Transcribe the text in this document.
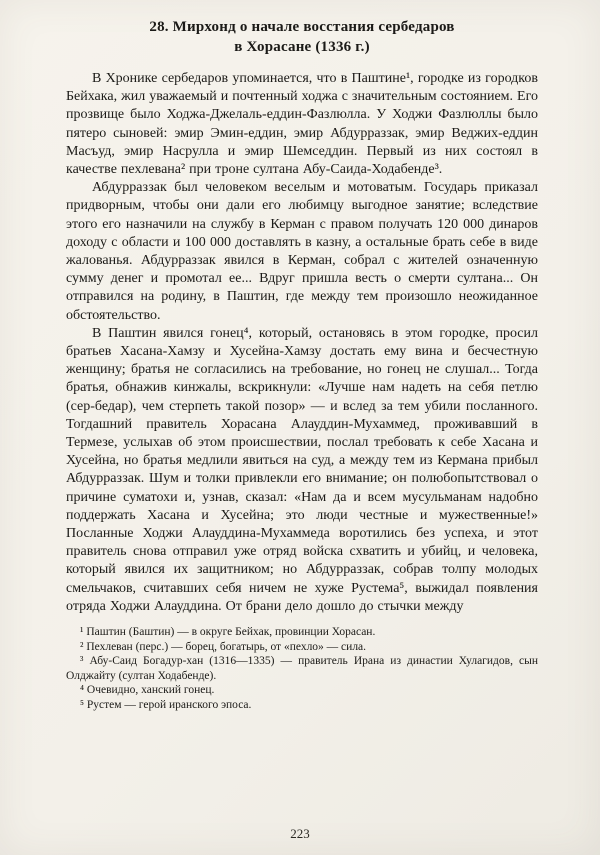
28. Мирхонд о начале восстания сербедаров
в Хорасане (1336 г.)

В Хронике сербедаров упоминается, что в Паштине¹, городке из городков Бейхака, жил уважаемый и почтенный ходжа с значительным состоянием. Его прозвище было Ходжа-Джелаль-еддин-Фазлюлла. У Ходжи Фазлюллы было пятеро сыновей: эмир Эмин-еддин, эмир Абдурраззак, эмир Веджих-еддин Масъуд, эмир Насрулла и эмир Шемседдин. Первый из них состоял в качестве пехлевана² при троне султана Абу-Саида-Ходабенде³.

Абдурраззак был человеком веселым и мотоватым. Государь приказал придворным, чтобы они дали его любимцу выгодное занятие; вследствие этого его назначили на службу в Керман с правом получать 120 000 динаров доходу с области и 100 000 доставлять в казну, а остальные брать себе в виде жалованья. Абдурраззак явился в Керман, собрал с жителей означенную сумму денег и промотал ее... Вдруг пришла весть о смерти султана... Он отправился на родину, в Паштин, где между тем произошло неожиданное обстоятельство.

В Паштин явился гонец⁴, который, остановясь в этом городке, просил братьев Хасана-Хамзу и Хусейна-Хамзу достать ему вина и бесчестную женщину; братья не согласились на требование, но гонец не слушал... Тогда братья, обнажив кинжалы, вскрикнули: «Лучше нам надеть на себя петлю (сер-бедар), чем стерпеть такой позор» — и вслед за тем убили посланного. Тогдашний правитель Хорасана Алауддин-Мухаммед, проживавший в Термезе, услыхав об этом происшествии, послал требовать к себе Хасана и Хусейна, но братья медлили явиться на суд, а между тем из Кермана прибыл Абдурраззак. Шум и толки привлекли его внимание; он полюбопытствовал о причине суматохи и, узнав, сказал: «Нам да и всем мусульманам надобно поддержать Хасана и Хусейна; это люди честные и мужественные!» Посланные Ходжи Алауддина-Мухаммеда воротились без успеха, и этот правитель снова отправил уже отряд войска схватить и убийц, и человека, который явился их защитником; но Абдурраззак, собрав толпу молодых смельчаков, считавших себя ничем не хуже Рустема⁵, выжидал появления отряда Ходжи Алауддина. От брани дело дошло до стычки между

¹ Паштин (Баштин) — в округе Бейхак, провинции Хорасан.

² Пехлеван (перс.) — борец, богатырь, от «пехло» — сила.

³ Абу-Саид Богадур-хан (1316—1335) — правитель Ирана из династии Хулагидов, сын Олджайту (султан Ходабенде).

⁴ Очевидно, ханский гонец.

⁵ Рустем — герой иранского эпоса.

223
